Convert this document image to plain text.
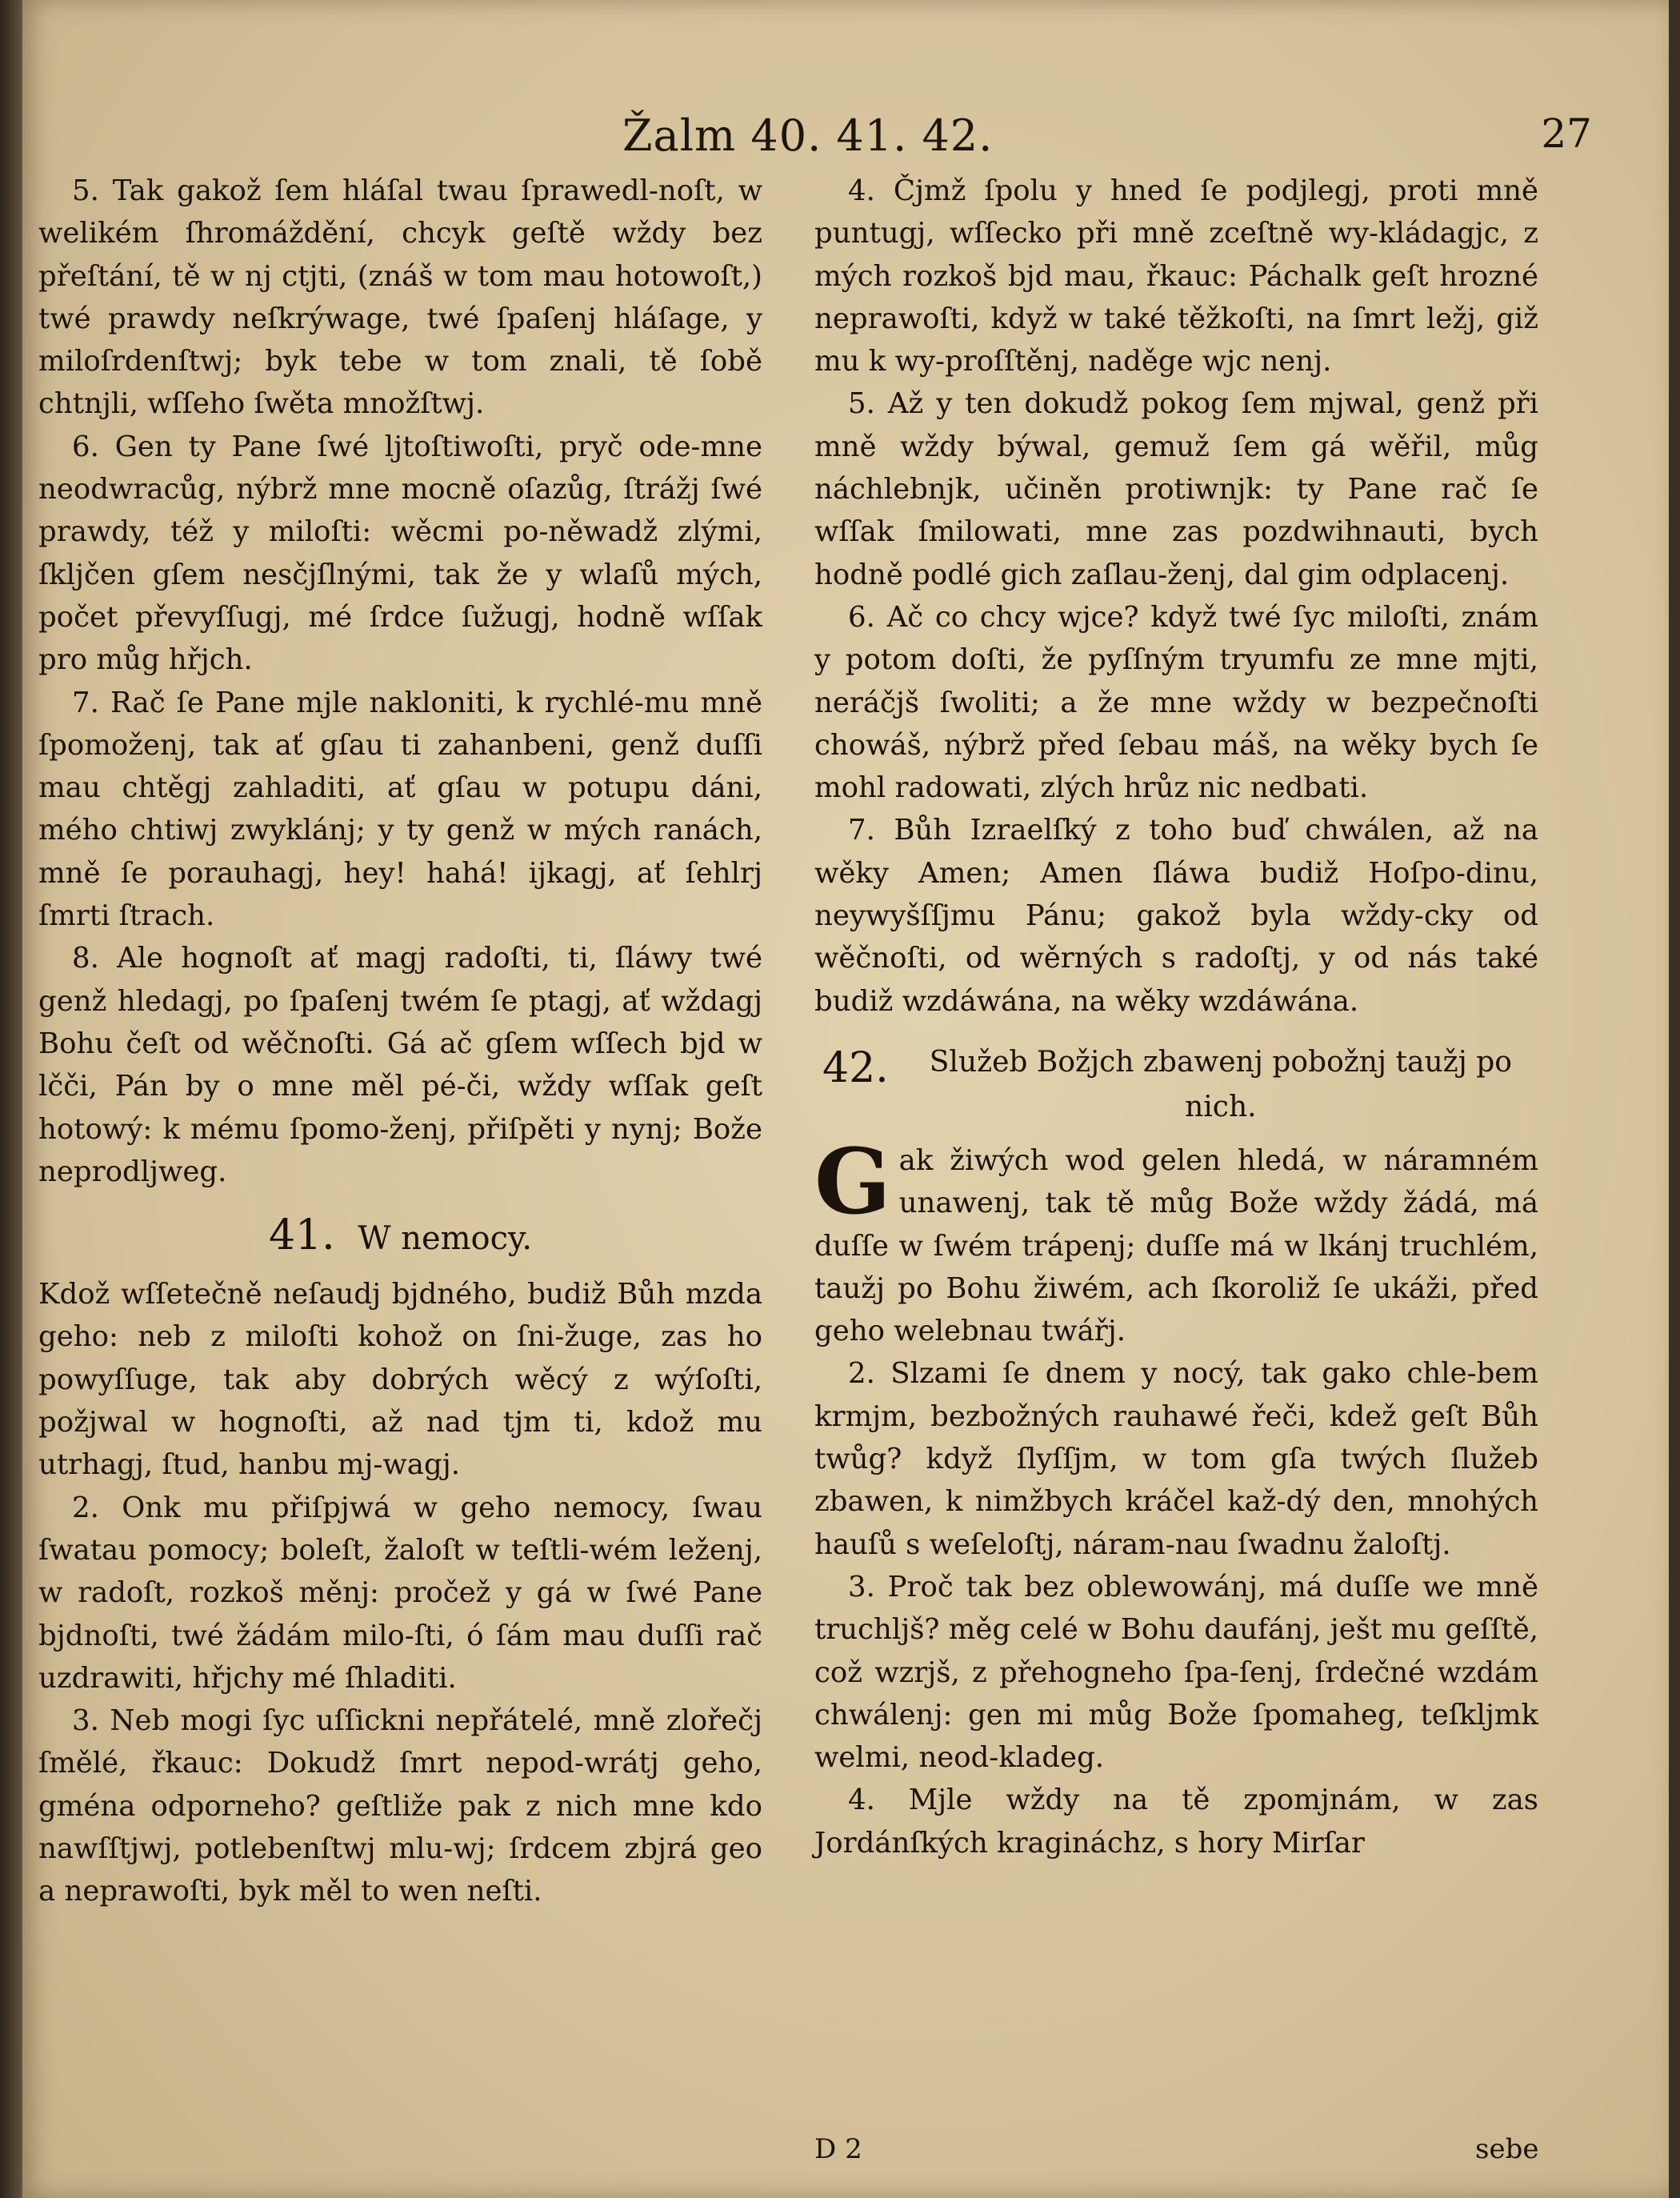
Žalm 40. 41. 42.	27

5. Tak gakož ſem hláſal twau ſprawedl-noſt, w welikém ſhromáždění, chcyk geſtě wždy bez přeſtání, tě w nj ctjti, (znáš w tom mau hotowoſt,) twé prawdy neſkrýwage, twé ſpaſenj hláſage, y miloſrdenſtwj; byk tebe w tom znali, tě ſobě chtnjli, wſſeho ſwěta množſtwj.

6. Gen ty Pane ſwé ljtoſtiwoſti, pryč ode-mne neodwracůg, nýbrž mne mocně oſazůg, ſtrážj ſwé prawdy, též y miloſti: wěcmi po-něwadž zlými, ſkljčen gſem nesčjſlnými, tak že y wlaſů mých, počet převyſſugj, mé ſrdce ſužugj, hodně wſſak pro můg hřjch.

7. Rač ſe Pane mjle nakloniti, k rychlé-mu mně ſpomoženj, tak ať gſau ti zahanbeni, genž duſſi mau chtěgj zahladiti, ať gſau w potupu dáni, mého chtiwj zwyklánj; y ty genž w mých ranách, mně ſe porauhagj, hey! hahá! ijkagj, ať ſehlrj ſmrti ſtrach.

8. Ale hognoſt ať magj radoſti, ti, ſláwy twé genž hledagj, po ſpaſenj twém ſe ptagj, ať wždagj Bohu čeſt od wěčnoſti. Gá ač gſem wſſech bjd w lčči, Pán by o mne měl pé-či, wždy wſſak geſt hotowý: k mému ſpomo-ženj, přiſpěti y nynj; Bože neprodljweg.

41. W nemocy.

Kdož wſſetečně neſaudj bjdného, budiž Bůh mzda geho: neb z miloſti kohož on ſni-žuge, zas ho powyſſuge, tak aby dobrých wěcý z wýſoſti, požjwal w hognoſti, až nad tjm ti, kdož mu utrhagj, ſtud, hanbu mj-wagj.

2. Onk mu přiſpjwá w geho nemocy, ſwau ſwatau pomocy; boleſt, žaloſt w teſtli-wém leženj, w radoſt, rozkoš měnj: pročež y gá w ſwé Pane bjdnoſti, twé žádám milo-ſti, ó ſám mau duſſi rač uzdrawiti, hřjchy mé ſhladiti.

3. Neb mogi ſyc uſſickni nepřátelé, mně zlořečj ſmělé, řkauc: Dokudž ſmrt nepod-wrátj geho, gména odporneho? geſtliže pak z nich mne kdo nawſſtjwj, potlebenſtwj mlu-wj; ſrdcem zbjrá geo a neprawoſti, byk měl to wen neſti.

4. Čjmž ſpolu y hned ſe podjlegj, proti mně puntugj, wſſecko při mně zceſtně wy-kládagjc, z mých rozkoš bjd mau, řkauc: Páchalk geſt hrozné neprawoſti, když w také těžkoſti, na ſmrt ležj, giž mu k wy-proſſtěnj, naděge wjc nenj.

5. Až y ten dokudž pokog ſem mjwal, genž při mně wždy býwal, gemuž ſem gá wěřil, můg náchlebnjk, učiněn protiwnjk: ty Pane rač ſe wſſak ſmilowati, mne zas pozdwihnauti, bych hodně podlé gich zaſlau-ženj, dal gim odplacenj.

6. Ač co chcy wjce? když twé ſyc miloſti, znám y potom doſti, že pyſſným tryumfu ze mne mjti, neráčjš ſwoliti; a že mne wždy w bezpečnoſti chowáš, nýbrž před ſebau máš, na wěky bych ſe mohl radowati, zlých hrůz nic nedbati.

7. Bůh Izraelſký z toho buď chwálen, až na wěky Amen; Amen ſláwa budiž Hoſpo-dinu, neywyšſſjmu Pánu; gakož byla wždy-cky od wěčnoſti, od wěrných s radoſtj, y od nás také budiž wzdáwána, na wěky wzdáwána.

42. Služeb Božjch zbawenj pobožnj taužj po nich.

G ak žiwých wod gelen hledá, w náramném unawenj, tak tě můg Bože wždy žádá, má duſſe w ſwém trápenj; duſſe má w lkánj truchlém, taužj po Bohu žiwém, ach ſkoroliž ſe ukáži, před geho welebnau twářj.

2. Slzami ſe dnem y nocý, tak gako chle-bem krmjm, bezbožných rauhawé řeči, kdež geſt Bůh twůg? když ſlyſſjm, w tom gſa twých ſlužeb zbawen, k nimžbych kráčel kaž-dý den, mnohých hauſů s weſeloſtj, náram-nau ſwadnu žaloſtj.

3. Proč tak bez oblewowánj, má duſſe we mně truchljš? měg celé w Bohu daufánj, ješt mu geſſtě, což wzrjš, z přehogneho ſpa-ſenj, ſrdečné wzdám chwálenj: gen mi můg Bože ſpomaheg, teſkljmk welmi, neod-kladeg.

4. Mjle wždy na tě zpomjnám, w zas Jordánſkých kragináchz, s hory Mirſar

D 2	sebe
